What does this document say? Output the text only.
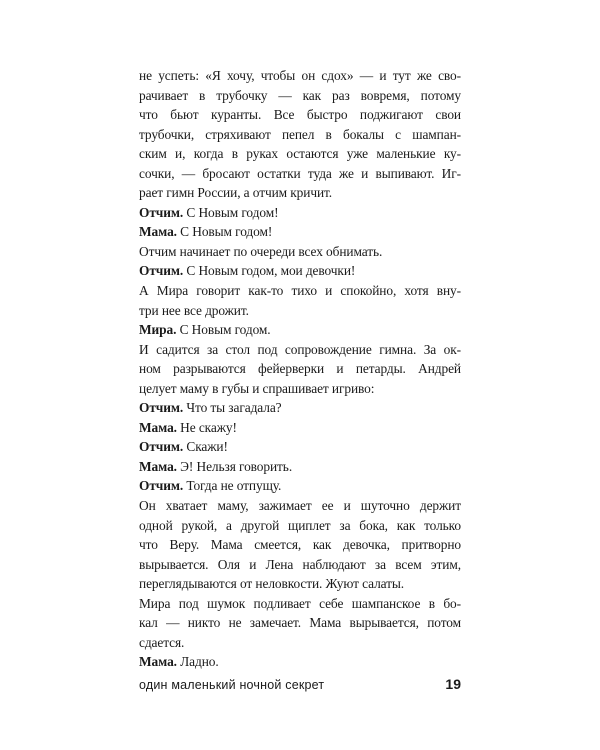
не успеть: «Я хочу, чтобы он сдох» — и тут же сво-
рачивает в трубочку — как раз вовремя, потому
что бьют куранты. Все быстро поджигают свои
трубочки, стряхивают пепел в бокалы с шампан-
ским и, когда в руках остаются уже маленькие ку-
сочки, — бросают остатки туда же и выпивают. Иг-
рает гимн России, а отчим кричит.
Отчим. С Новым годом!
Мама. С Новым годом!
Отчим начинает по очереди всех обнимать.
Отчим. С Новым годом, мои девочки!
А Мира говорит как-то тихо и спокойно, хотя вну-
три нее все дрожит.
Мира. С Новым годом.
И садится за стол под сопровождение гимна. За ок-
ном разрываются фейерверки и петарды. Андрей
целует маму в губы и спрашивает игриво:
Отчим. Что ты загадала?
Мама. Не скажу!
Отчим. Скажи!
Мама. Э! Нельзя говорить.
Отчим. Тогда не отпущу.
Он хватает маму, зажимает ее и шуточно держит
одной рукой, а другой щиплет за бока, как только
что Веру. Мама смеется, как девочка, притворно
вырывается. Оля и Лена наблюдают за всем этим,
переглядываются от неловкости. Жуют салаты.
Мира под шумок подливает себе шампанское в бо-
кал — никто не замечает. Мама вырывается, потом
сдается.
Мама. Ладно.
один маленький ночной секрет	19
